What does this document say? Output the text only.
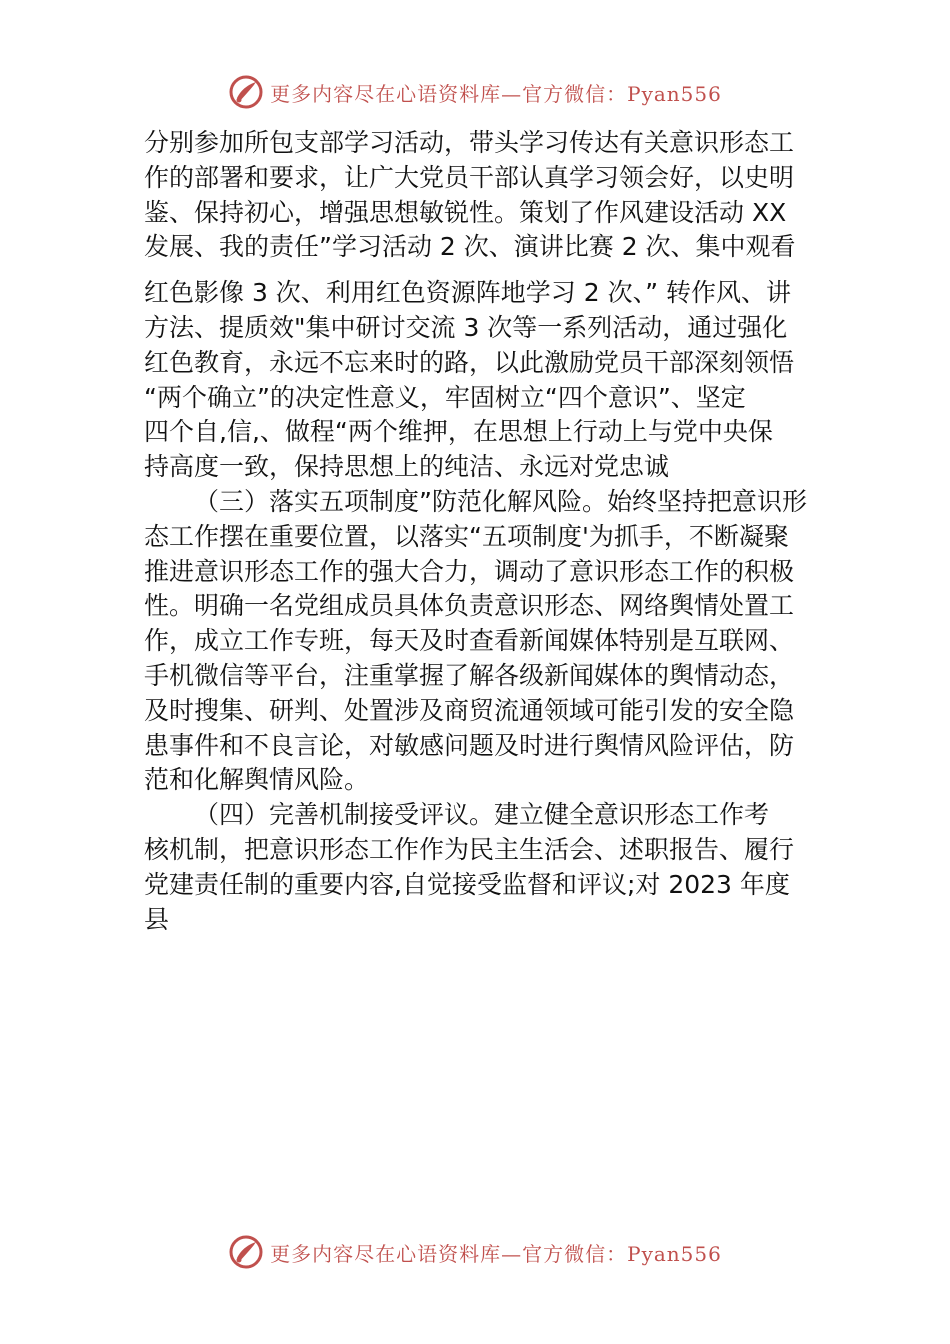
更多内容尽在心语资料库—官方微信：Pyan556
分别参加所包支部学习活动，带头学习传达有关意识形态工
作的部署和要求，让广大党员干部认真学习领会好，以史明
鉴、保持初心，增强思想敏锐性。策划了作风建设活动 XX
发展、我的责任”学习活动 2 次、演讲比赛 2 次、集中观看
红色影像 3 次、利用红色资源阵地学习 2 次、” 转作风、讲
方法、提质效"集中研讨交流 3 次等一系列活动，通过强化
红色教育，永远不忘来时的路，以此激励党员干部深刻领悟
“两个确立”的决定性意义，牢固树立“四个意识”、坚定
四个自,信,、做程“两个维押，在思想上行动上与党中央保
持高度一致，保持思想上的纯洁、永远对党忠诚
（三）落实五项制度”防范化解风险。始终坚持把意识形
态工作摆在重要位置，以落实“五项制度'为抓手，不断凝聚
推进意识形态工作的强大合力，调动了意识形态工作的积极
性。明确一名党组成员具体负责意识形态、网络舆情处置工
作，成立工作专班，每天及时查看新闻媒体特别是互联网、
手机微信等平台，注重掌握了解各级新闻媒体的舆情动态，
及时搜集、研判、处置涉及商贸流通领域可能引发的安全隐
患事件和不良言论，对敏感问题及时进行舆情风险评估，防
范和化解舆情风险。
（四）完善机制接受评议。建立健全意识形态工作考
核机制，把意识形态工作作为民主生活会、述职报告、履行
党建责任制的重要内容,自觉接受监督和评议;对 2023 年度
县
更多内容尽在心语资料库—官方微信：Pyan556
